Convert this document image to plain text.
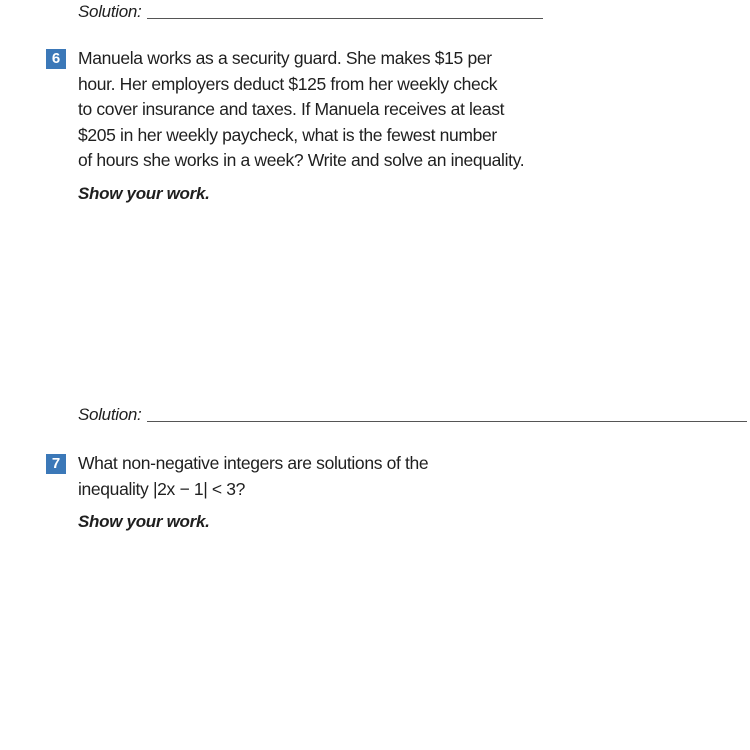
Solution:
6	Manuela works as a security guard. She makes $15 per
hour. Her employers deduct $125 from her weekly check
to cover insurance and taxes. If Manuela receives at least
$205 in her weekly paycheck, what is the fewest number
of hours she works in a week? Write and solve an inequality.
Show your work.
Solution:
7	What non-negative integers are solutions of the
inequality |2x − 1| < 3?
Show your work.
